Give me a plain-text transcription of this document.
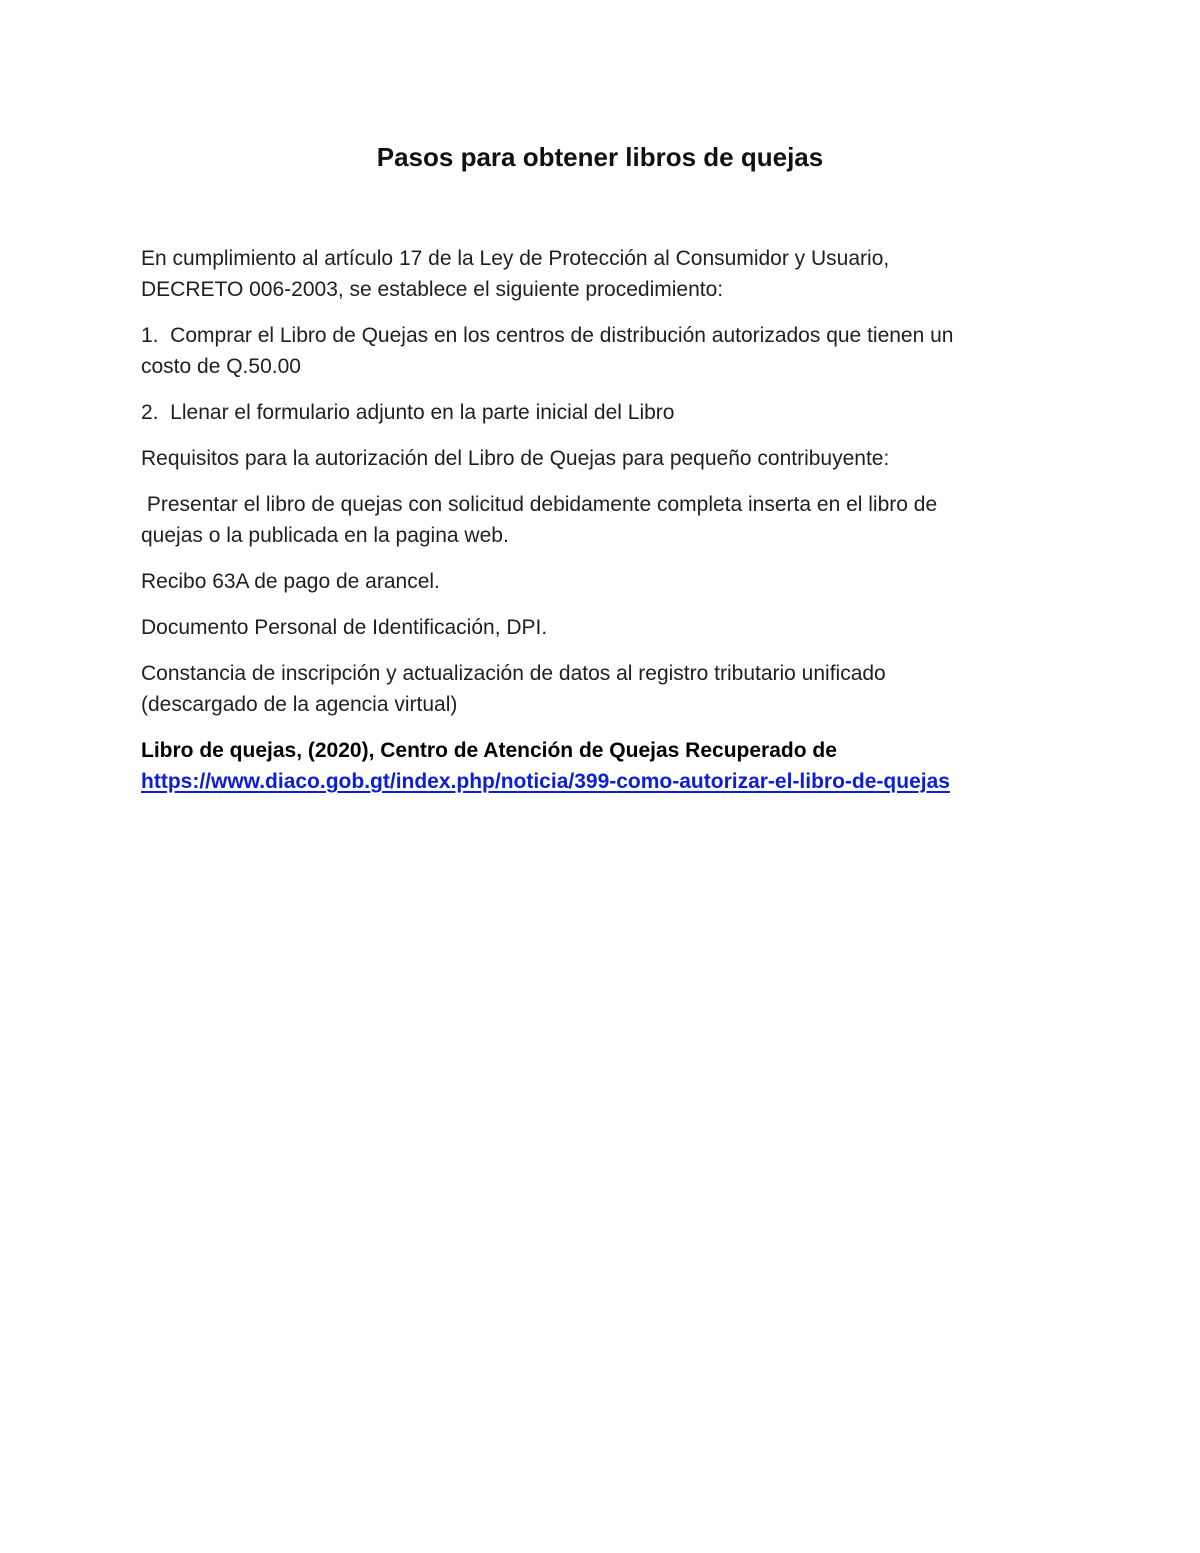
Pasos para obtener libros de quejas

En cumplimiento al artículo 17 de la Ley de Protección al Consumidor y Usuario,
DECRETO 006-2003, se establece el siguiente procedimiento:

1.  Comprar el Libro de Quejas en los centros de distribución autorizados que tienen un
costo de Q.50.00

2.  Llenar el formulario adjunto en la parte inicial del Libro

Requisitos para la autorización del Libro de Quejas para pequeño contribuyente:

Presentar el libro de quejas con solicitud debidamente completa inserta en el libro de
quejas o la publicada en la pagina web.

Recibo 63A de pago de arancel.

Documento Personal de Identificación, DPI.

Constancia de inscripción y actualización de datos al registro tributario unificado
(descargado de la agencia virtual)

Libro de quejas, (2020), Centro de Atención de Quejas Recuperado de
https://www.diaco.gob.gt/index.php/noticia/399-como-autorizar-el-libro-de-quejas
